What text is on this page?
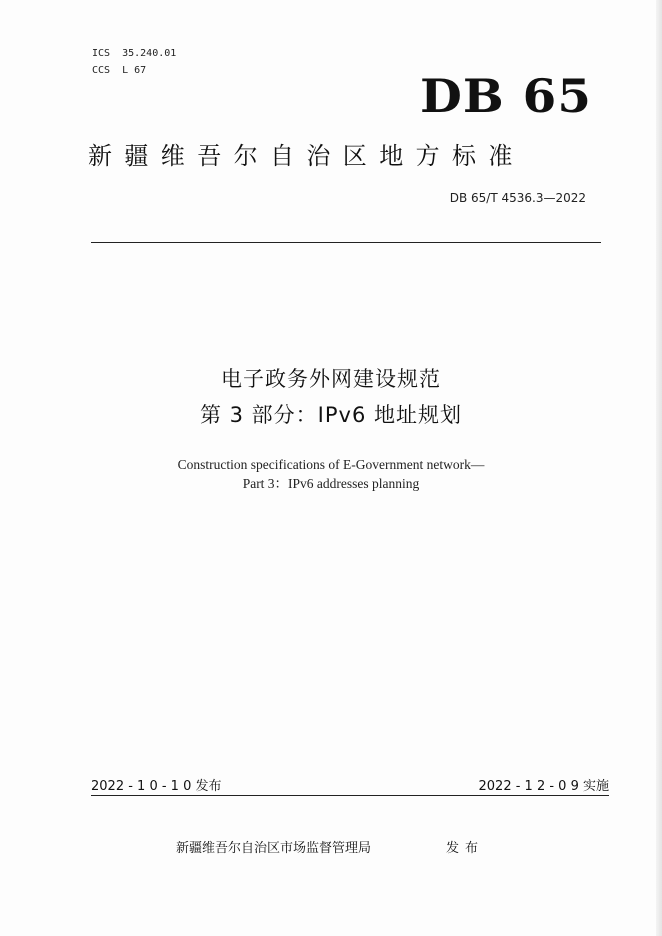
ICS  35.240.01
CCS  L 67	DB 65
新疆维吾尔自治区地方标准
DB 65/T 4536.3—2022
电子政务外网建设规范
第 3 部分：IPv6 地址规划
Construction specifications of E-Government network—
Part 3：IPv6 addresses planning
2022 - 1 0 - 1 0 发布	2022 - 1 2 - 0 9 实施
新疆维吾尔自治区市场监督管理局	发布
